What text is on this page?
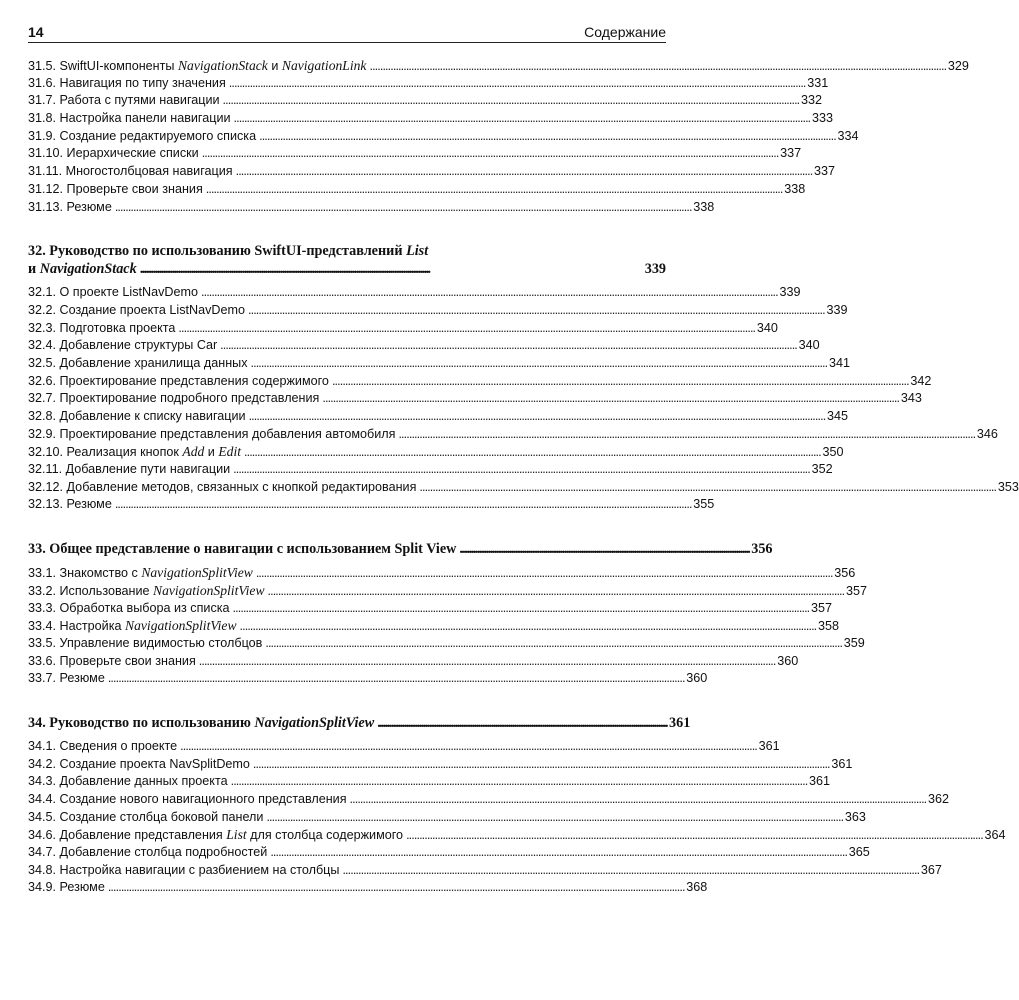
14	Содержание
31.5. SwiftUI-компоненты NavigationStack и NavigationLink . . .	329
31.6. Навигация по типу значения . . .	331
31.7. Работа с путями навигации . . .	332
31.8. Настройка панели навигации . . .	333
31.9. Создание редактируемого списка . . .	334
31.10. Иерархические списки . . .	337
31.11. Многостолбцовая навигация . . .	337
31.12. Проверьте свои знания . . .	338
31.13. Резюме . . .	338
32. Руководство по использованию SwiftUI-представлений List
и NavigationStack . . .	339
32.1. О проекте ListNavDemo . . .	339
32.2. Создание проекта ListNavDemo . . .	339
32.3. Подготовка проекта . . .	340
32.4. Добавление структуры Car . . .	340
32.5. Добавление хранилища данных . . .	341
32.6. Проектирование представления содержимого . . .	342
32.7. Проектирование подробного представления . . .	343
32.8. Добавление к списку навигации . . .	345
32.9. Проектирование представления добавления автомобиля . . .	346
32.10. Реализация кнопок Add и Edit . . .	350
32.11. Добавление пути навигации . . .	352
32.12. Добавление методов, связанных с кнопкой редактирования . . .	353
32.13. Резюме . . .	355
33. Общее представление о навигации с использованием Split View . . .	356
33.1. Знакомство с NavigationSplitView . . .	356
33.2. Использование NavigationSplitView . . .	357
33.3. Обработка выбора из списка . . .	357
33.4. Настройка NavigationSplitView . . .	358
33.5. Управление видимостью столбцов . . .	359
33.6. Проверьте свои знания . . .	360
33.7. Резюме . . .	360
34. Руководство по использованию NavigationSplitView . . .	361
34.1. Сведения о проекте . . .	361
34.2. Создание проекта NavSplitDemo . . .	361
34.3. Добавление данных проекта . . .	361
34.4. Создание нового навигационного представления . . .	362
34.5. Создание столбца боковой панели . . .	363
34.6. Добавление представления List для столбца содержимого . . .	364
34.7. Добавление столбца подробностей . . .	365
34.8. Настройка навигации с разбиением на столбцы . . .	367
34.9. Резюме . . .	368
